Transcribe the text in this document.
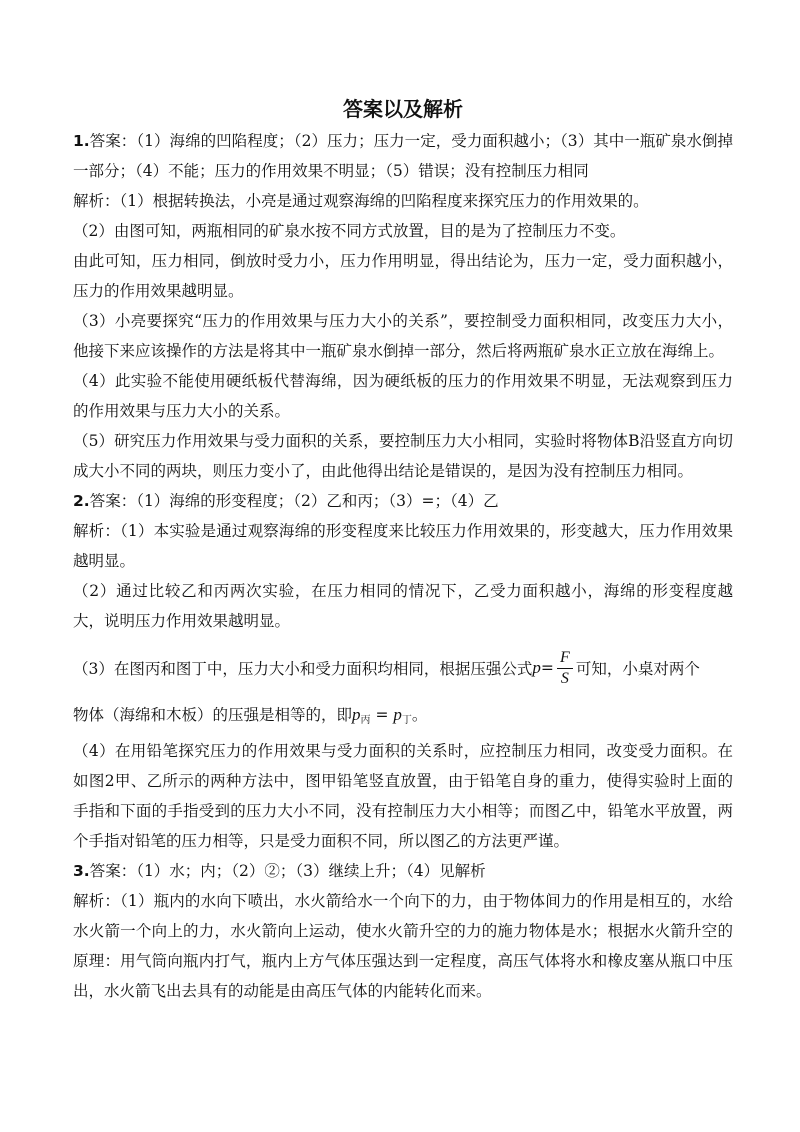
答案以及解析

1.答案：（1）海绵的凹陷程度；（2）压力；压力一定，受力面积越小；（3）其中一瓶矿泉水倒掉一部分；（4）不能；压力的作用效果不明显；（5）错误；没有控制压力相同

解析：（1）根据转换法，小亮是通过观察海绵的凹陷程度来探究压力的作用效果的。

（2）由图可知，两瓶相同的矿泉水按不同方式放置，目的是为了控制压力不变。

由此可知，压力相同，倒放时受力小，压力作用明显，得出结论为，压力一定，受力面积越小，压力的作用效果越明显。

（3）小亮要探究“压力的作用效果与压力大小的关系”，要控制受力面积相同，改变压力大小，他接下来应该操作的方法是将其中一瓶矿泉水倒掉一部分，然后将两瓶矿泉水正立放在海绵上。

（4）此实验不能使用硬纸板代替海绵，因为硬纸板的压力的作用效果不明显，无法观察到压力的作用效果与压力大小的关系。

（5）研究压力作用效果与受力面积的关系，要控制压力大小相同，实验时将物体B沿竖直方向切成大小不同的两块，则压力变小了，由此他得出结论是错误的，是因为没有控制压力相同。

2.答案：（1）海绵的形变程度；（2）乙和丙；（3）=；（4）乙

解析：（1）本实验是通过观察海绵的形变程度来比较压力作用效果的，形变越大，压力作用效果越明显。

（2）通过比较乙和丙两次实验，在压力相同的情况下，乙受力面积越小，海绵的形变程度越大，说明压力作用效果越明显。

（3）在图丙和图丁中，压力大小和受力面积均相同，根据压强公式 $p = \frac{F}{S}$ 可知，小桌对两个

物体（海绵和木板）的压强是相等的，即$p_丙 = p_丁$。

（4）在用铅笔探究压力的作用效果与受力面积的关系时，应控制压力相同，改变受力面积。在如图2甲、乙所示的两种方法中，图甲铅笔竖直放置，由于铅笔自身的重力，使得实验时上面的手指和下面的手指受到的压力大小不同，没有控制压力大小相等；而图乙中，铅笔水平放置，两个手指对铅笔的压力相等，只是受力面积不同，所以图乙的方法更严谨。

3.答案：（1）水；内；（2）②；（3）继续上升；（4）见解析

解析：（1）瓶内的水向下喷出，水火箭给水一个向下的力，由于物体间力的作用是相互的，水给水火箭一个向上的力，水火箭向上运动，使水火箭升空的力的施力物体是水；根据水火箭升空的原理：用气筒向瓶内打气，瓶内上方气体压强达到一定程度，高压气体将水和橡皮塞从瓶口中压出，水火箭飞出去具有的动能是由高压气体的内能转化而来。
